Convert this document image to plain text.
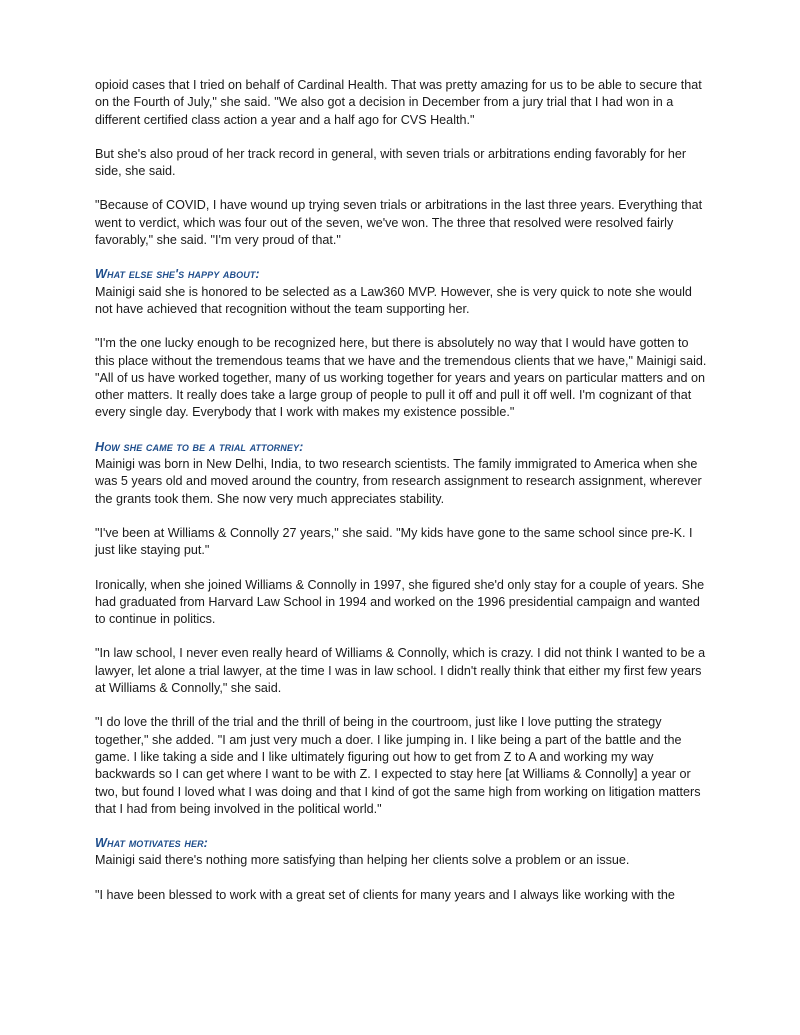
opioid cases that I tried on behalf of Cardinal Health. That was pretty amazing for us to be able to secure that on the Fourth of July," she said. "We also got a decision in December from a jury trial that I had won in a different certified class action a year and a half ago for CVS Health."

But she's also proud of her track record in general, with seven trials or arbitrations ending favorably for her side, she said.

"Because of COVID, I have wound up trying seven trials or arbitrations in the last three years. Everything that went to verdict, which was four out of the seven, we've won. The three that resolved were resolved fairly favorably," she said. "I'm very proud of that."

What else she's happy about:

Mainigi said she is honored to be selected as a Law360 MVP. However, she is very quick to note she would not have achieved that recognition without the team supporting her.

"I'm the one lucky enough to be recognized here, but there is absolutely no way that I would have gotten to this place without the tremendous teams that we have and the tremendous clients that we have," Mainigi said. "All of us have worked together, many of us working together for years and years on particular matters and on other matters. It really does take a large group of people to pull it off and pull it off well. I'm cognizant of that every single day. Everybody that I work with makes my existence possible."

How she came to be a trial attorney:

Mainigi was born in New Delhi, India, to two research scientists. The family immigrated to America when she was 5 years old and moved around the country, from research assignment to research assignment, wherever the grants took them. She now very much appreciates stability.

"I've been at Williams & Connolly 27 years," she said. "My kids have gone to the same school since pre-K. I just like staying put."

Ironically, when she joined Williams & Connolly in 1997, she figured she'd only stay for a couple of years. She had graduated from Harvard Law School in 1994 and worked on the 1996 presidential campaign and wanted to continue in politics.

"In law school, I never even really heard of Williams & Connolly, which is crazy. I did not think I wanted to be a lawyer, let alone a trial lawyer, at the time I was in law school. I didn't really think that either my first few years at Williams & Connolly," she said.

"I do love the thrill of the trial and the thrill of being in the courtroom, just like I love putting the strategy together," she added. "I am just very much a doer. I like jumping in. I like being a part of the battle and the game. I like taking a side and I like ultimately figuring out how to get from Z to A and working my way backwards so I can get where I want to be with Z. I expected to stay here [at Williams & Connolly] a year or two, but found I loved what I was doing and that I kind of got the same high from working on litigation matters that I had from being involved in the political world."

What motivates her:

Mainigi said there's nothing more satisfying than helping her clients solve a problem or an issue.

"I have been blessed to work with a great set of clients for many years and I always like working with the
